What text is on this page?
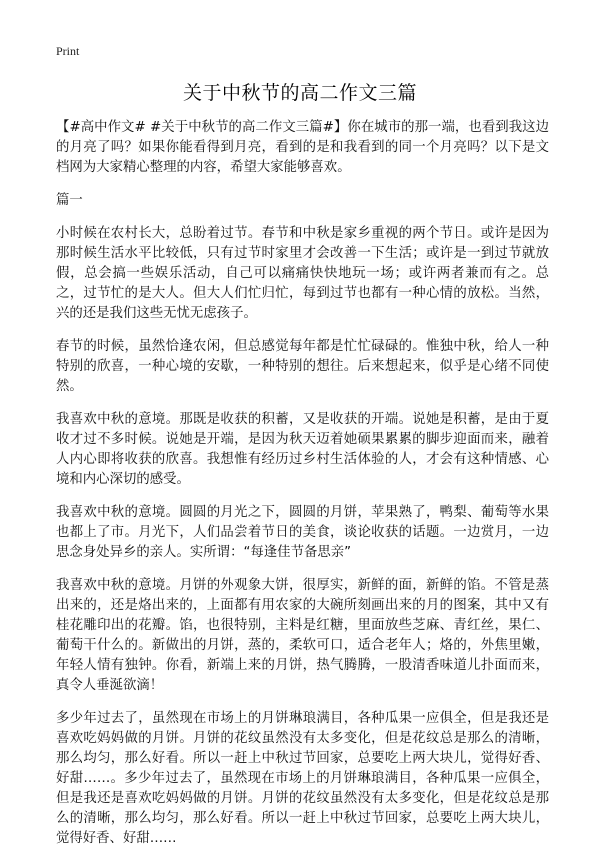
Print
关于中秋节的高二作文三篇

【#高中作文# #关于中秋节的高二作文三篇#】你在城市的那一端，也看到我这边的月亮了吗？如果你能看得到月亮，看到的是和我看到的同一个月亮吗？以下是文档网为大家精心整理的内容，希望大家能够喜欢。

篇一

小时候在农村长大，总盼着过节。春节和中秋是家乡重视的两个节日。或许是因为那时候生活水平比较低，只有过节时家里才会改善一下生活；或许是一到过节就放假，总会搞一些娱乐活动，自己可以痛痛快快地玩一场；或许两者兼而有之。总之，过节忙的是大人。但大人们忙归忙，每到过节也都有一种心情的放松。当然，兴的还是我们这些无忧无虑孩子。

春节的时候，虽然恰逢农闲，但总感觉每年都是忙忙碌碌的。惟独中秋，给人一种特别的欣喜，一种心境的安歇，一种特别的想往。后来想起来，似乎是心绪不同使然。

我喜欢中秋的意境。那既是收获的积蓄，又是收获的开端。说她是积蓄，是由于夏收才过不多时候。说她是开端，是因为秋天迈着她硕果累累的脚步迎面而来，融着人内心即将收获的欣喜。我想惟有经历过乡村生活体验的人，才会有这种情感、心境和内心深切的感受。

我喜欢中秋的意境。圆圆的月光之下，圆圆的月饼，苹果熟了，鸭梨、葡萄等水果也都上了市。月光下，人们品尝着节日的美食，谈论收获的话题。一边赏月，一边思念身处异乡的亲人。实所谓：“每逢佳节备思亲”

我喜欢中秋的意境。月饼的外观象大饼，很厚实，新鲜的面，新鲜的馅。不管是蒸出来的，还是烙出来的，上面都有用农家的大碗所刻画出来的月的图案，其中又有桂花雕印出的花瓣。馅，也很特别，主料是红糖，里面放些芝麻、青红丝，果仁、葡萄干什么的。新做出的月饼，蒸的，柔软可口，适合老年人；烙的，外焦里嫩，年轻人情有独钟。你看，新端上来的月饼，热气腾腾，一股清香味道儿扑面而来，真令人垂涎欲滴！

多少年过去了，虽然现在市场上的月饼琳琅满目，各种瓜果一应俱全，但是我还是喜欢吃妈妈做的月饼。月饼的花纹虽然没有太多变化，但是花纹总是那么的清晰，那么均匀，那么好看。所以一赶上中秋过节回家，总要吃上两大块儿，觉得好香、好甜……。多少年过去了，虽然现在市场上的月饼琳琅满目，各种瓜果一应俱全，但是我还是喜欢吃妈妈做的月饼。月饼的花纹虽然没有太多变化，但是花纹总是那么的清晰，那么均匀，那么好看。所以一赶上中秋过节回家，总要吃上两大块儿，觉得好香、好甜……
